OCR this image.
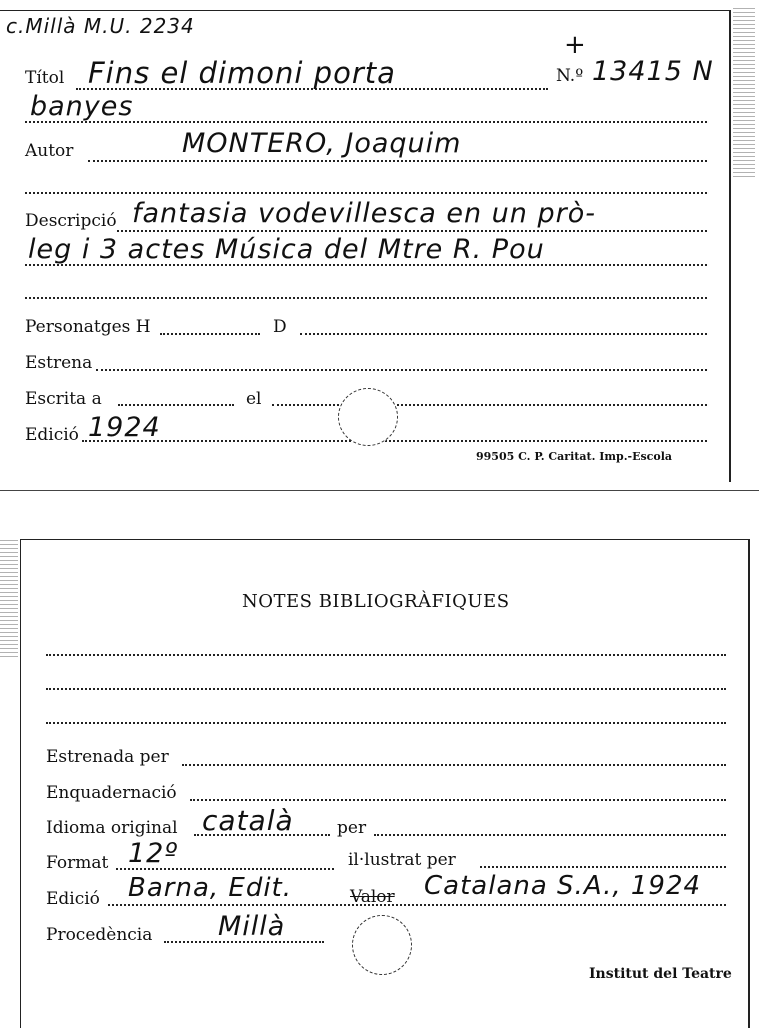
c.Millà M.U. 2234
+
Títol Fins el dimoni porta	N.º 13415 N
banyes
Autor	MONTERO, Joaquim
Descripció fantasia vodevillesca en un prò-
leg i 3 actes Música del Mtre R. Pou
Personatges H	D
Estrena
Escrita a	el
Edició 1924
99505 C. P. Caritat. Imp.-Escola
NOTES BIBLIOGRÀFIQUES
Estrenada per
Enquadernació
Idioma original català	per
Format 12º	il·lustrat per
Edició Barna, Edit.	Valor Catalana S.A., 1924
Procedència Millà
Institut del Teatre
